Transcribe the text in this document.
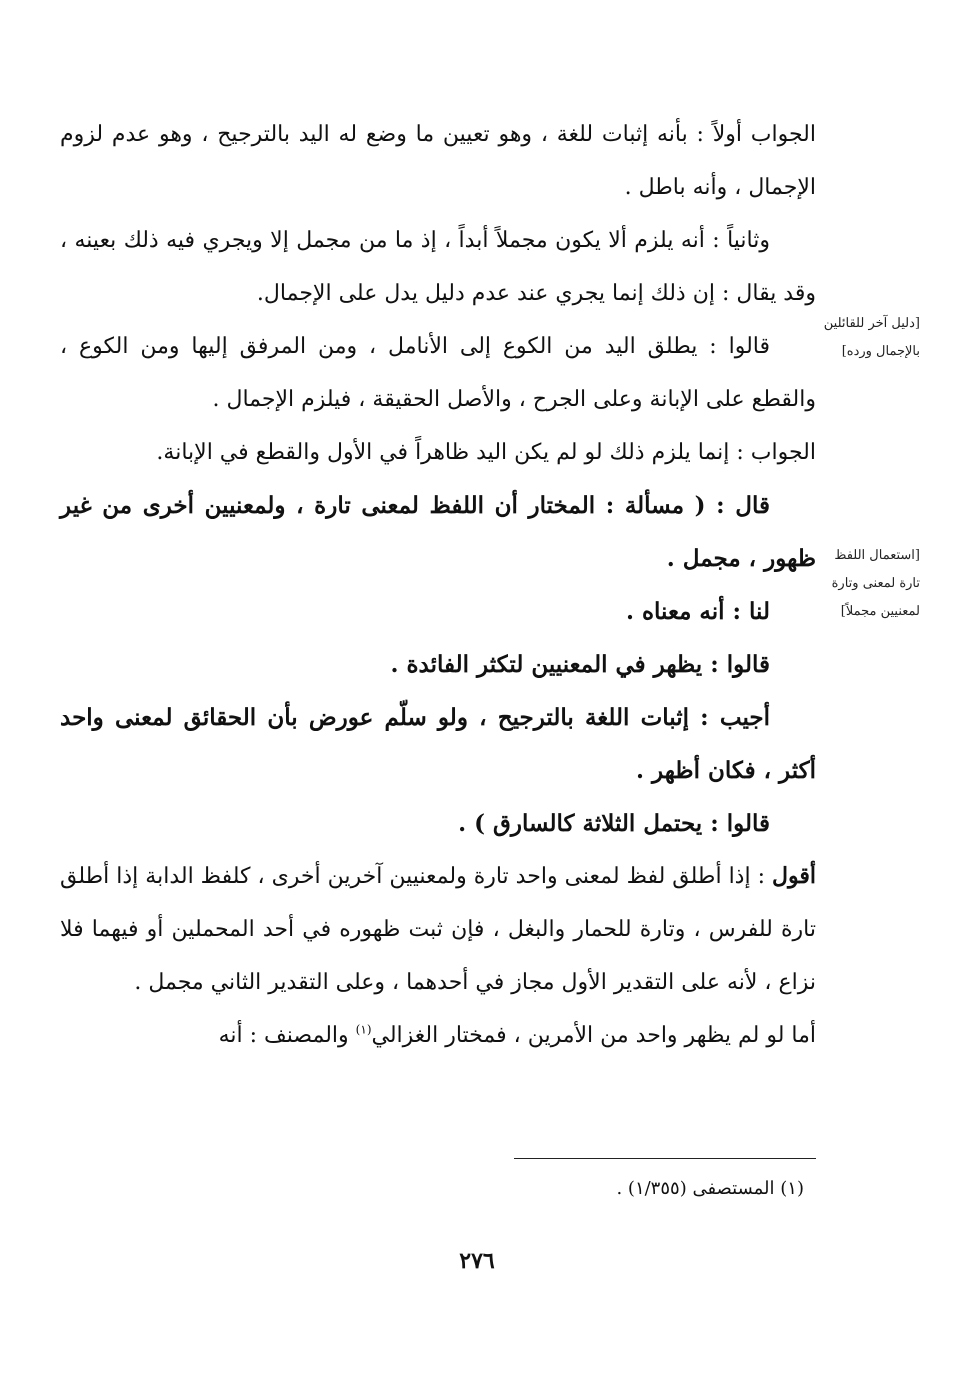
[دليل آخر للقائلين بالإجمال ورده]
[استعمال اللفظ تارة لمعنى وتارة لمعنيين مجملاً]

الجواب أولاً : بأنه إثبات للغة ، وهو تعيين ما وضع له اليد بالترجيح ، وهو عدم لزوم الإجمال ، وأنه باطل .

وثانياً : أنه يلزم ألا يكون مجملاً أبداً ، إذ ما من مجمل إلا ويجري فيه ذلك بعينه ، وقد يقال : إن ذلك إنما يجري عند عدم دليل يدل على الإجمال.

قالوا : يطلق اليد من الكوع إلى الأنامل ، ومن المرفق إليها ومن الكوع ، والقطع على الإبانة وعلى الجرح ، والأصل الحقيقة ، فيلزم الإجمال .

الجواب : إنما يلزم ذلك لو لم يكن اليد ظاهراً في الأول والقطع في الإبانة.

قال : ( مسألة : المختار أن اللفظ لمعنى تارة ، ولمعنيين أخرى من غير ظهور ، مجمل .

لنا : أنه معناه .

قالوا : يظهر في المعنيين لتكثر الفائدة .

أجيب : إثبات اللغة بالترجيح ، ولو سلّم عورض بأن الحقائق لمعنى واحد أكثر ، فكان أظهر .

قالوا : يحتمل الثلاثة كالسارق ) .

أقول : إذا أطلق لفظ لمعنى واحد تارة ولمعنيين آخرين أخرى ، كلفظ الدابة إذا أطلق تارة للفرس ، وتارة للحمار والبغل ، فإن ثبت ظهوره في أحد المحملين أو فيهما فلا نزاع ، لأنه على التقدير الأول مجاز في أحدهما ، وعلى التقدير الثاني مجمل .

أما لو لم يظهر واحد من الأمرين ، فمختار الغزالي$^{(١)}$ والمصنف : أنه

(١) المستصفى (١/٣٥٥) .
٢٧٦
